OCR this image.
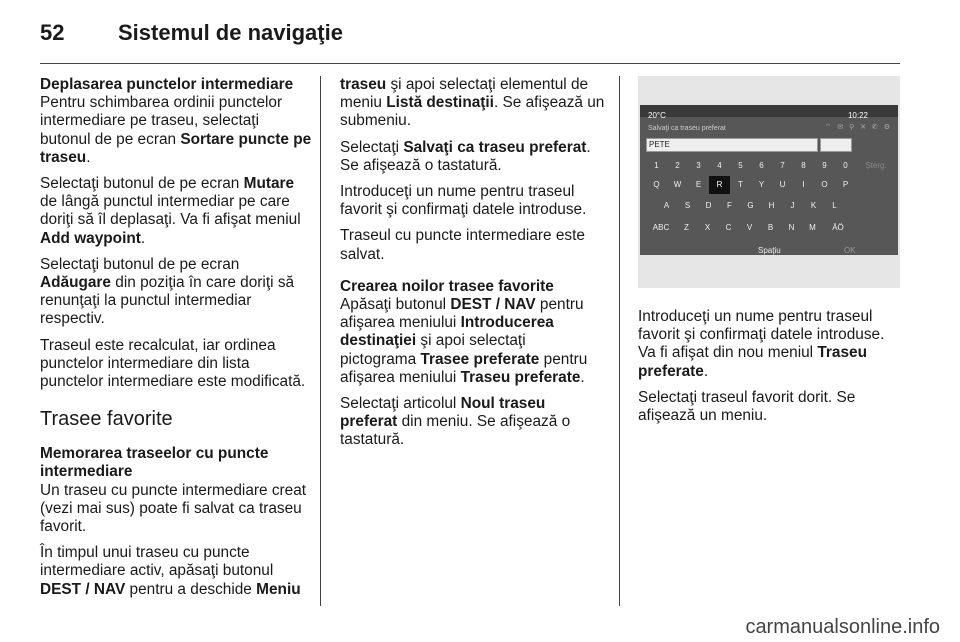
52	Sistemul de navigaţie

Deplasarea punctelor intermediare

Pentru schimbarea ordinii punctelor intermediare pe traseu, selectaţi butonul de pe ecran Sortare puncte pe traseu.

Selectaţi butonul de pe ecran Mutare de lângă punctul intermediar pe care doriţi să îl deplasaţi. Va fi afişat meniul Add waypoint.

Selectaţi butonul de pe ecran Adăugare din poziţia în care doriţi să renunţaţi la punctul intermediar respectiv.

Traseul este recalculat, iar ordinea punctelor intermediare din lista punctelor intermediare este modificată.

Trasee favorite

Memorarea traseelor cu puncte intermediare

Un traseu cu puncte intermediare creat (vezi mai sus) poate fi salvat ca traseu favorit.

În timpul unui traseu cu puncte intermediare activ, apăsaţi butonul DEST / NAV pentru a deschide Meniu

traseu şi apoi selectaţi elementul de meniu Listă destinaţii. Se afişează un submeniu.

Selectaţi Salvaţi ca traseu preferat. Se afişează o tastatură.

Introduceţi un nume pentru traseul favorit şi confirmaţi datele introduse.

Traseul cu puncte intermediare este salvat.

Crearea noilor trasee favorite

Apăsaţi butonul DEST / NAV pentru afişarea meniului Introducerea destinaţiei şi apoi selectaţi pictograma Trasee preferate pentru afişarea meniului Traseu preferate.

Selectaţi articolul Noul traseu preferat din meniu. Se afişează o tastatură.

20°C	10:22
Salvaţi ca traseu preferat	⌔ ✉ ⚲ ✕ ✆ ⚙
PETE
1	2	3	4	5	6	7	8	9	0	Șterg.
Q	W	E	R	T	Y	U	I	O	P
A	S	D	F	G	H	J	K	L
ABC	Z	X	C	V	B	N	M	ÄÖ
Spaţiu	OK

Introduceţi un nume pentru traseul favorit şi confirmaţi datele introduse. Va fi afişat din nou meniul Traseu preferate.

Selectaţi traseul favorit dorit. Se afişează un meniu.

carmanualsonline.info
